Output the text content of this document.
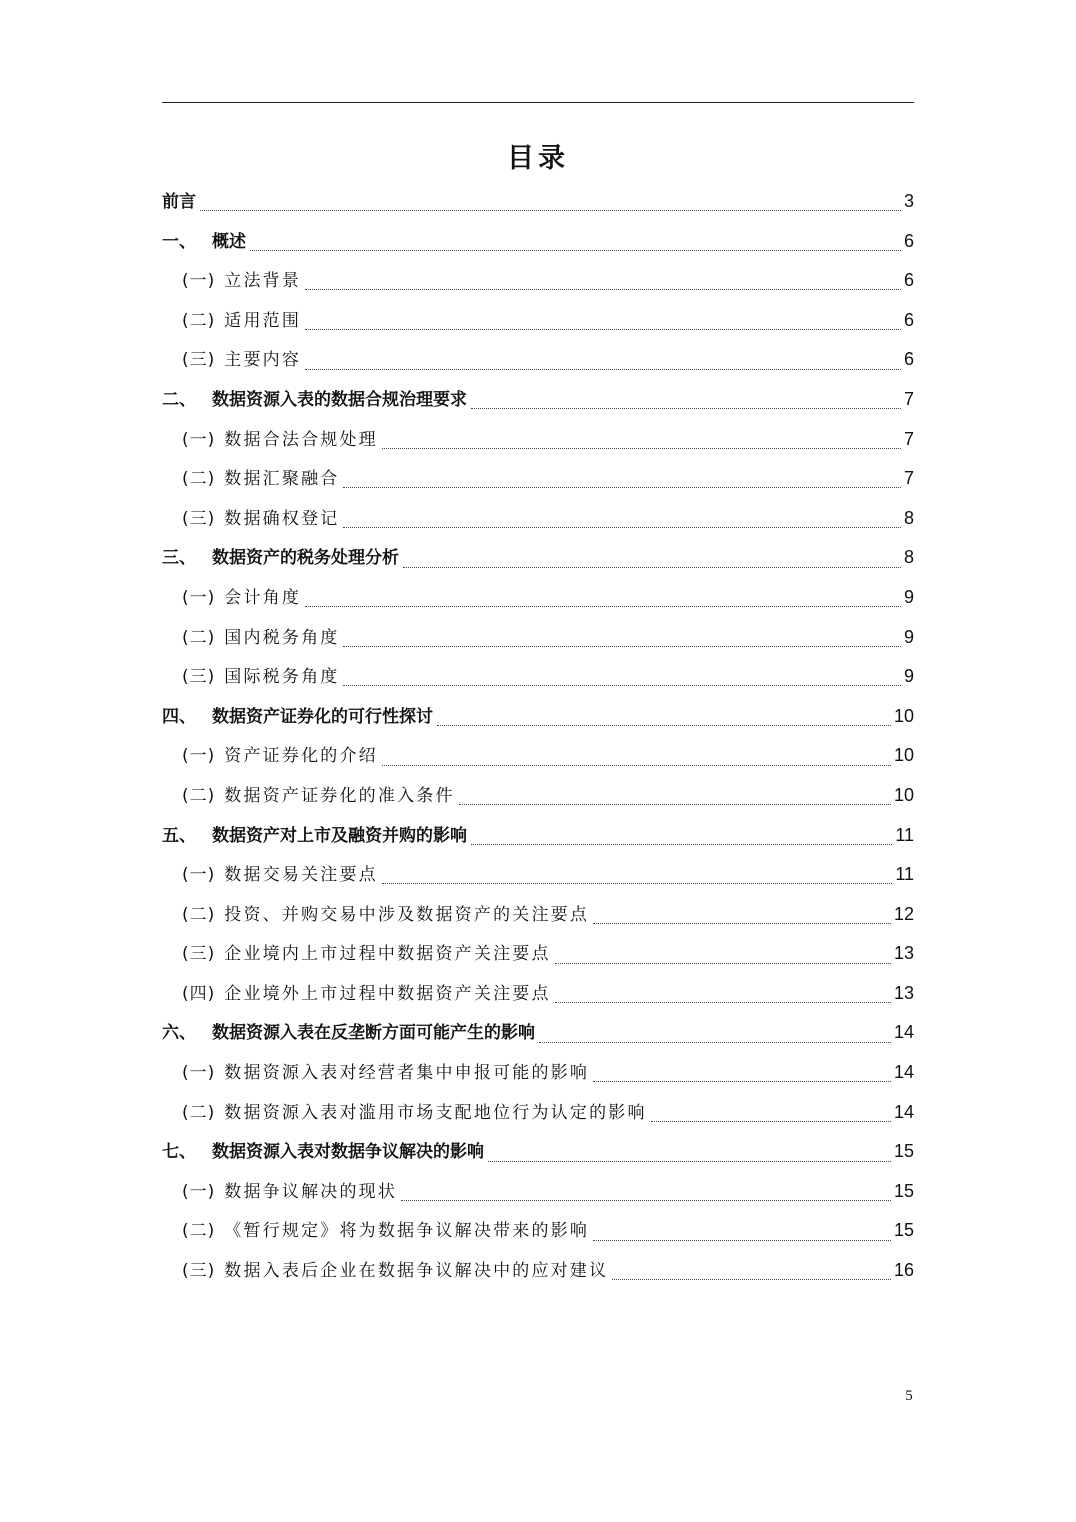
目录
前言	3
一、 概述	6
(一) 立法背景	6
(二) 适用范围	6
(三) 主要内容	6
二、 数据资源入表的数据合规治理要求	7
(一) 数据合法合规处理	7
(二) 数据汇聚融合	7
(三) 数据确权登记	8
三、 数据资产的税务处理分析	8
(一) 会计角度	9
(二) 国内税务角度	9
(三) 国际税务角度	9
四、 数据资产证券化的可行性探讨	10
(一) 资产证券化的介绍	10
(二) 数据资产证券化的准入条件	10
五、 数据资产对上市及融资并购的影响	11
(一) 数据交易关注要点	11
(二) 投资、并购交易中涉及数据资产的关注要点	12
(三) 企业境内上市过程中数据资产关注要点	13
(四) 企业境外上市过程中数据资产关注要点	13
六、 数据资源入表在反垄断方面可能产生的影响	14
(一) 数据资源入表对经营者集中申报可能的影响	14
(二) 数据资源入表对滥用市场支配地位行为认定的影响	14
七、 数据资源入表对数据争议解决的影响	15
(一) 数据争议解决的现状	15
(二) 《暂行规定》将为数据争议解决带来的影响	15
(三) 数据入表后企业在数据争议解决中的应对建议	16
5
